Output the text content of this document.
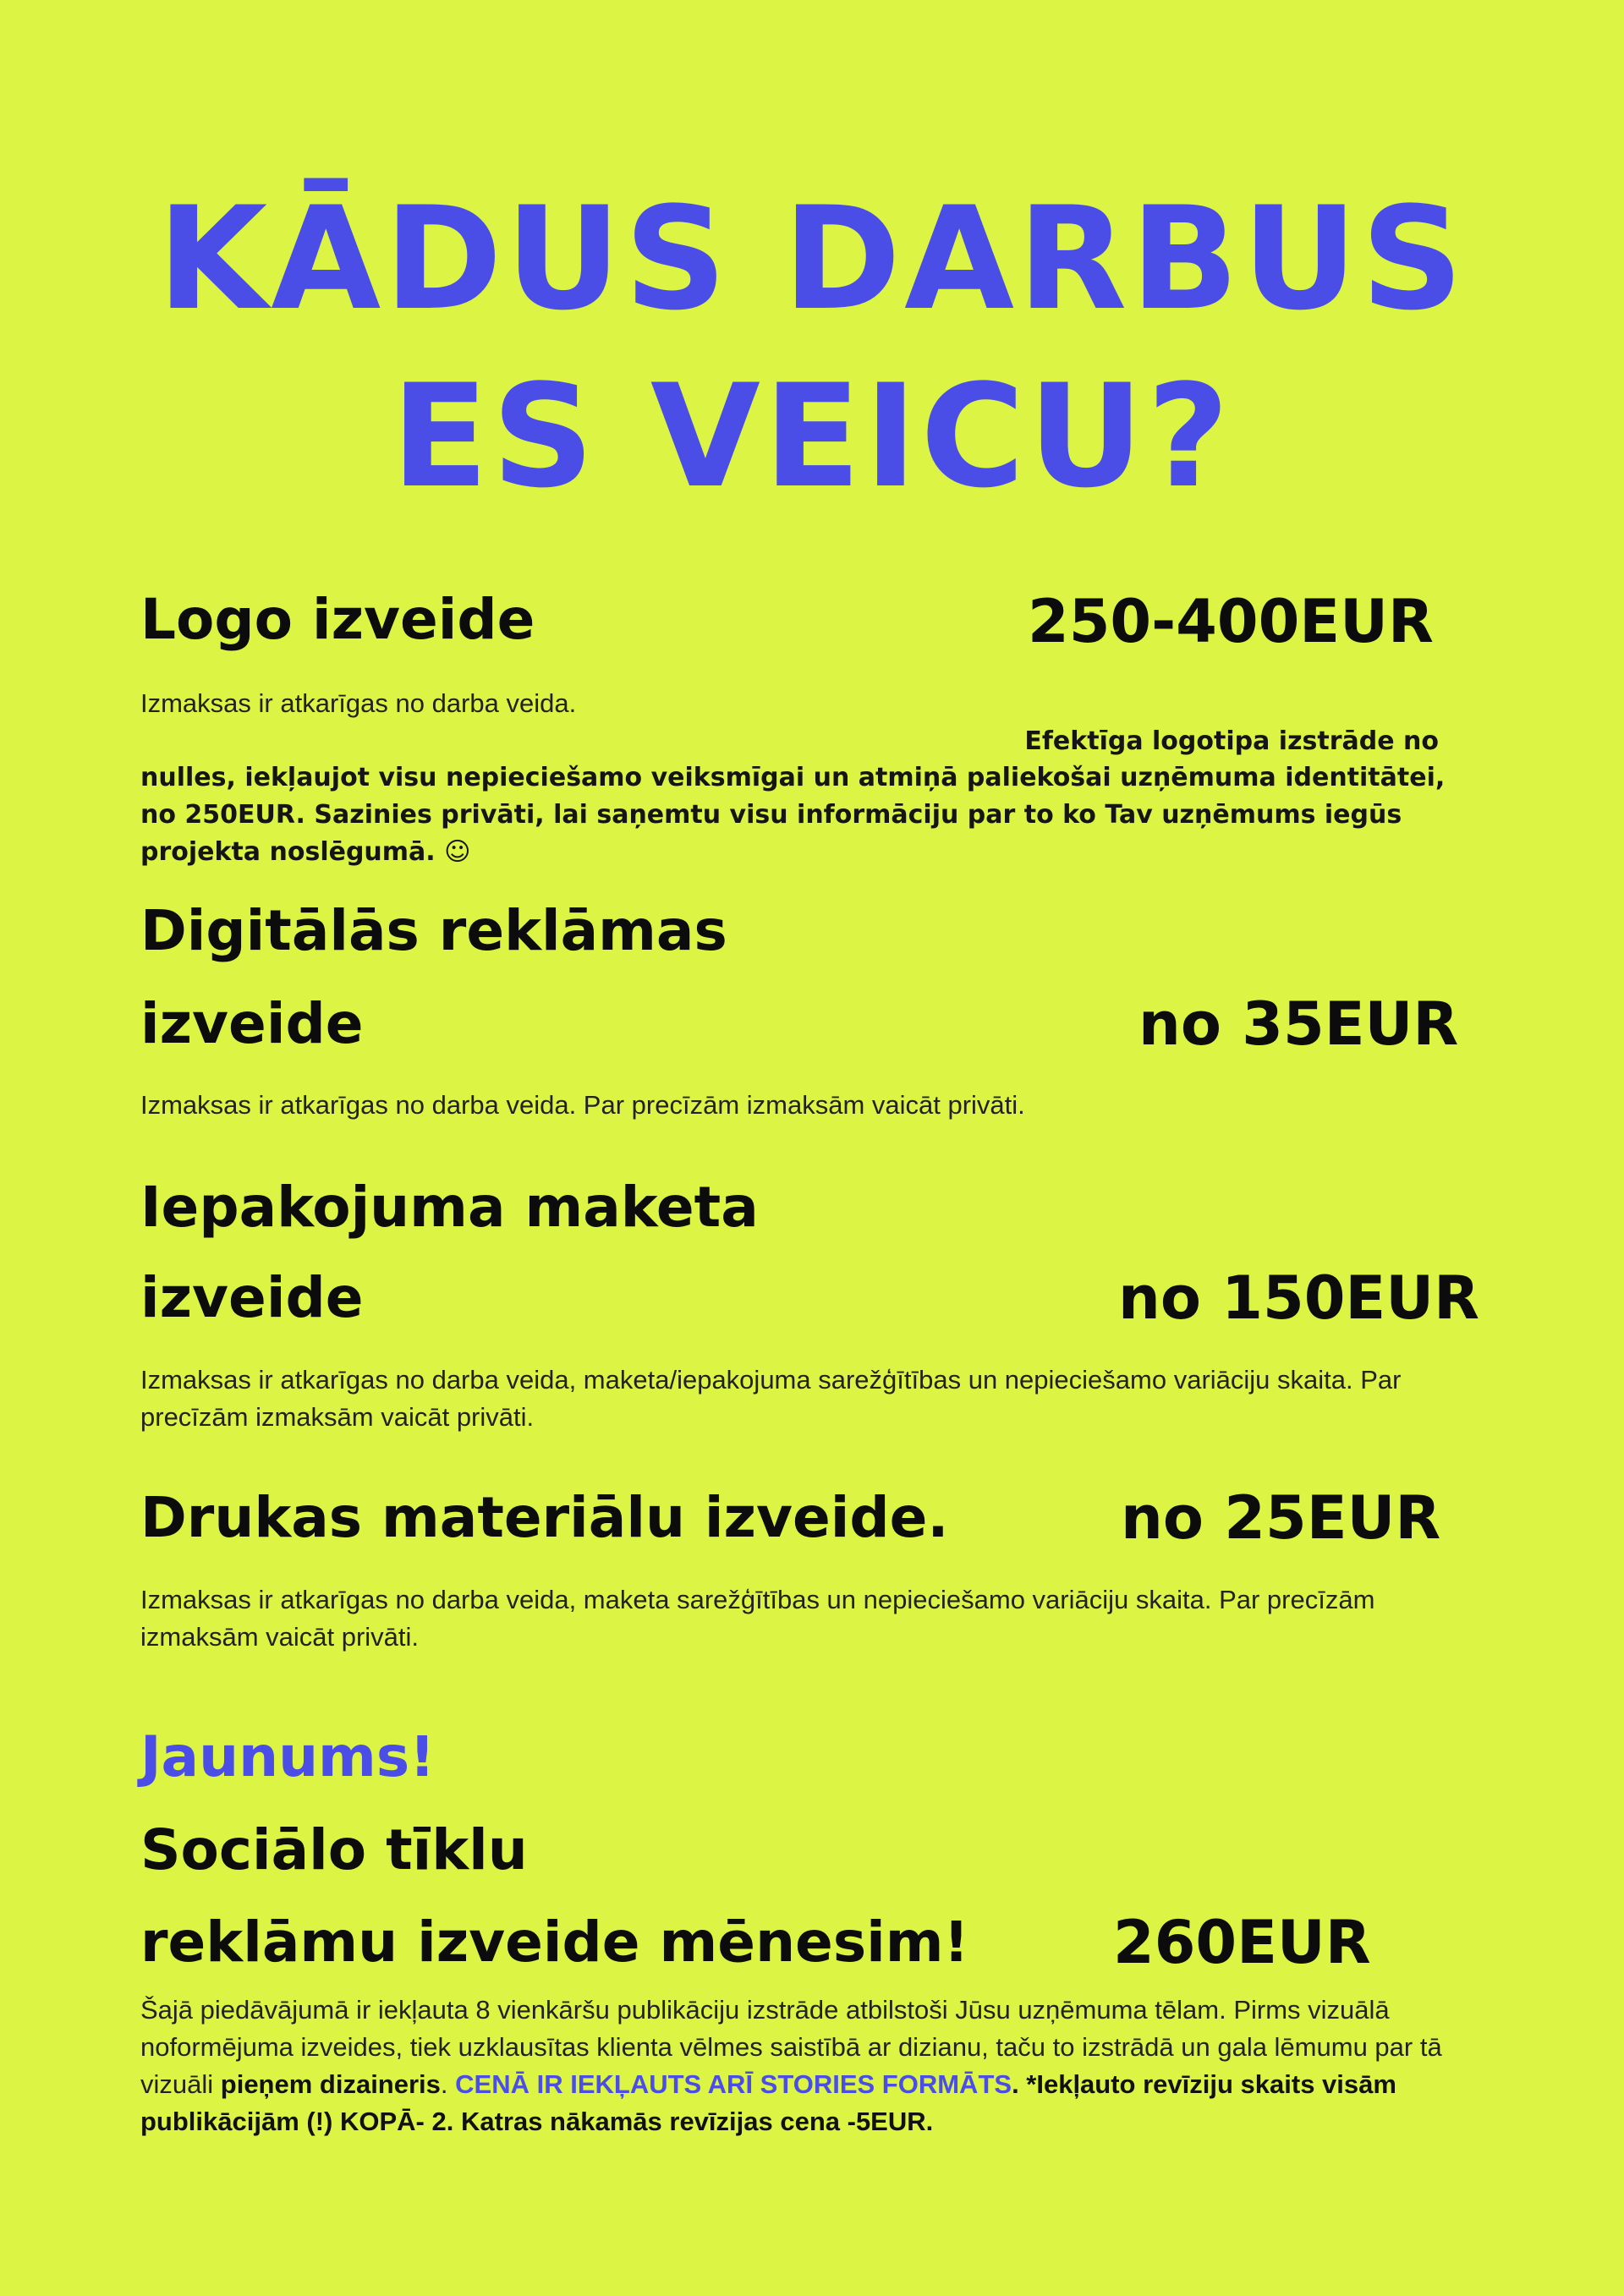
KĀDUS DARBUS
ES VEICU?
Logo izveide	250-400EUR

Izmaksas ir atkarīgas no darba veida.

Efektīga logotipa izstrāde no

nulles, iekļaujot visu nepieciešamo veiksmīgai un atmiņā paliekošai uzņēmuma identitātei, no 250EUR. Sazinies privāti, lai saņemtu visu informāciju par to ko Tav uzņēmums iegūs projekta noslēgumā. ☺

Digitālās reklāmas
izveide	no 35EUR

Izmaksas ir atkarīgas no darba veida. Par precīzām izmaksām vaicāt privāti.

Iepakojuma maketa
izveide	no 150EUR

Izmaksas ir atkarīgas no darba veida, maketa/iepakojuma sarežģītības un nepieciešamo variāciju skaita. Par precīzām izmaksām vaicāt privāti.

Drukas materiālu izveide.	no 25EUR

Izmaksas ir atkarīgas no darba veida, maketa sarežģītības un nepieciešamo variāciju skaita. Par precīzām izmaksām vaicāt privāti.

Jaunums!
Sociālo tīklu
reklāmu izveide mēnesim! 260EUR

Šajā piedāvājumā ir iekļauta 8 vienkāršu publikāciju izstrāde atbilstoši Jūsu uzņēmuma tēlam. Pirms vizuālā noformējuma izveides, tiek uzklausītas klienta vēlmes saistībā ar dizianu, taču to izstrādā un gala lēmumu par tā vizuāli pieņem dizaineris. CENĀ IR IEKĻAUTS ARĪ STORIES FORMĀTS. *Iekļauto revīziju skaits visām publikācijām (!) KOPĀ- 2. Katras nākamās revīzijas cena -5EUR.
